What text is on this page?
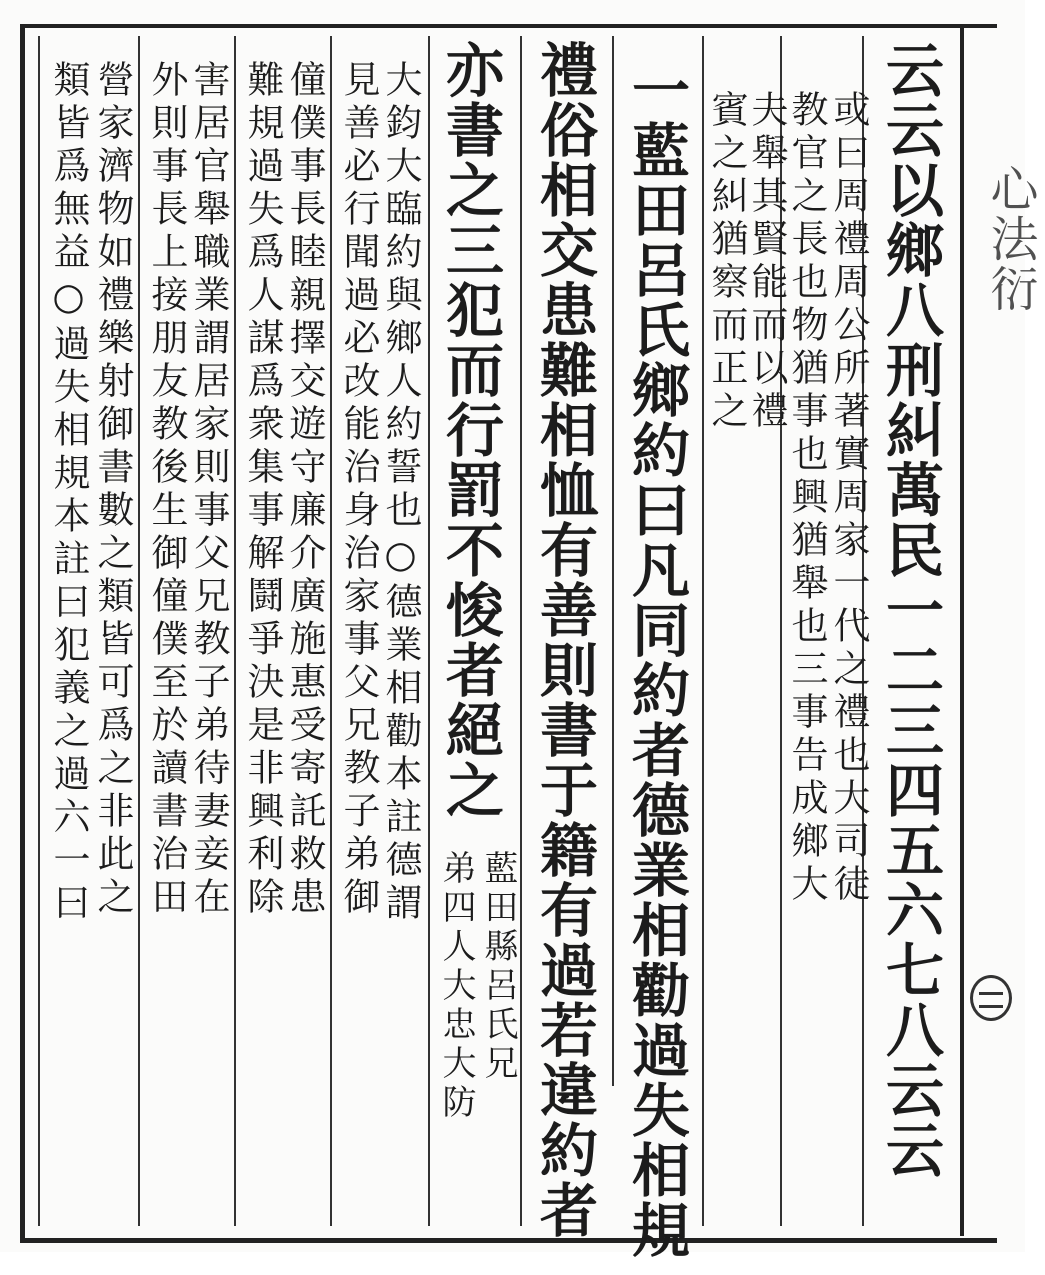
心法衍
云云以鄉八刑糾萬民一二三四五六七八云云
或曰周禮周公所著實周家一代之禮也大司徒
教官之長也物猶事也興猶舉也三事告成鄉大
夫舉其賢能而以禮
賓之糾猶察而正之
一藍田呂氏鄉約曰凡同約者德業相勸過失相規
禮俗相交患難相恤有善則書于籍有過若違約者
亦書之三犯而行罰不悛者絕之
藍田縣呂氏兄
弟四人大忠大防
大鈞大臨約與鄉人約誓也○德業相勸本註德謂
見善必行聞過必改能治身治家事父兄教子弟御
僮僕事長睦親擇交遊守廉介廣施惠受寄託救患
難規過失爲人謀爲衆集事解鬪爭決是非興利除
害居官舉職業謂居家則事父兄教子弟待妻妾在
外則事長上接朋友教後生御僮僕至於讀書治田
營家濟物如禮樂射御書數之類皆可爲之非此之
類皆爲無益○過失相規本註曰犯義之過六一曰
